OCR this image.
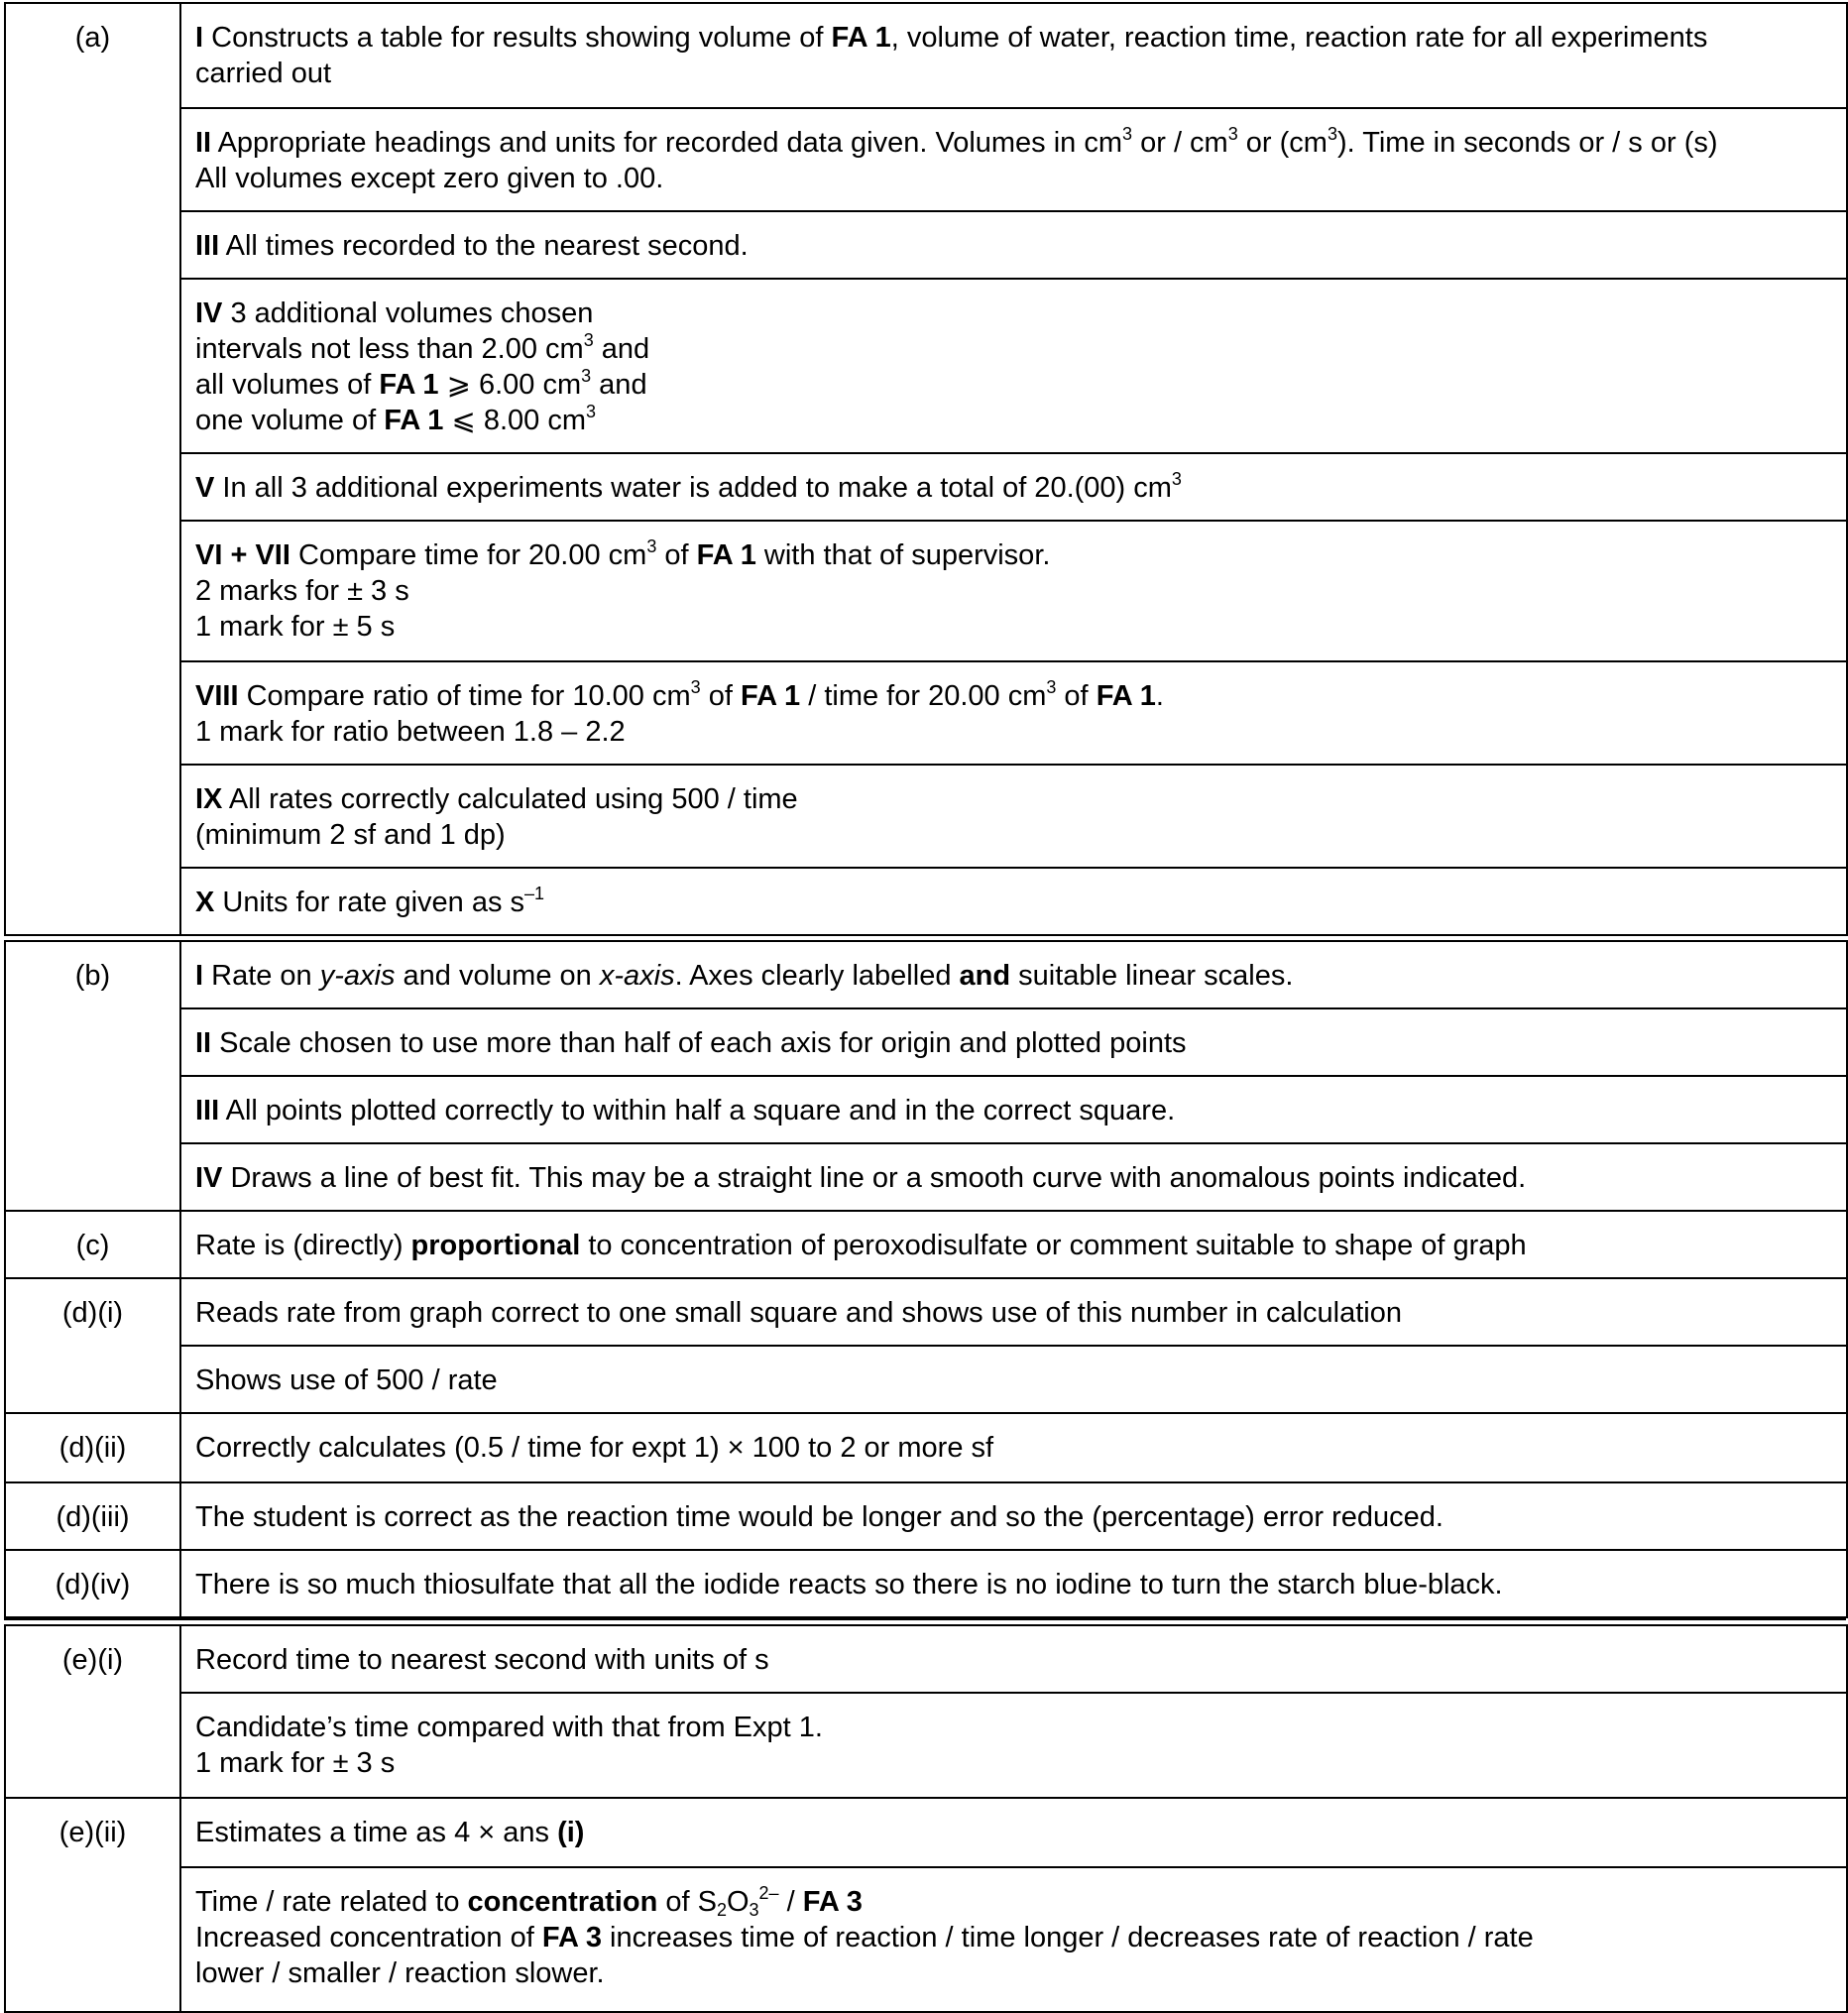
(a)	I Constructs a table for results showing volume of FA 1, volume of water, reaction time, reaction rate for all experiments
carried out

II Appropriate headings and units for recorded data given. Volumes in $cm^3$ or / $cm^3$ or $(cm^3)$. Time in seconds or / s or (s)
All volumes except zero given to .00.

III All times recorded to the nearest second.

IV 3 additional volumes chosen
intervals not less than 2.00 $cm^3$ and
all volumes of FA 1 ⩾ 6.00 $cm^3$ and
one volume of FA 1 ⩽ 8.00 $cm^3$

V In all 3 additional experiments water is added to make a total of 20.(00) $cm^3$

VI + VII Compare time for 20.00 $cm^3$ of FA 1 with that of supervisor.
2 marks for ± 3 s
1 mark for ± 5 s

VIII Compare ratio of time for 10.00 $cm^3$ of FA 1 / time for 20.00 $cm^3$ of FA 1.
1 mark for ratio between 1.8 – 2.2

IX All rates correctly calculated using 500 / time
(minimum 2 sf and 1 dp)

X Units for rate given as $s^{-1}$
(b)	I Rate on y-axis and volume on x-axis. Axes clearly labelled and suitable linear scales.

	II Scale chosen to use more than half of each axis for origin and plotted points

	III All points plotted correctly to within half a square and in the correct square.

	IV Draws a line of best fit. This may be a straight line or a smooth curve with anomalous points indicated.

(c)	Rate is (directly) proportional to concentration of peroxodisulfate or comment suitable to shape of graph

(d)(i)	Reads rate from graph correct to one small square and shows use of this number in calculation

	Shows use of 500 / rate

(d)(ii)	Correctly calculates (0.5 / time for expt 1) × 100 to 2 or more sf

(d)(iii)	The student is correct as the reaction time would be longer and so the (percentage) error reduced.

(d)(iv)	There is so much thiosulfate that all the iodide reacts so there is no iodine to turn the starch blue-black.
(e)(i)	Record time to nearest second with units of s

	Candidate’s time compared with that from Expt 1.
1 mark for ± 3 s

(e)(ii)	Estimates a time as 4 × ans (i)

	Time / rate related to concentration of $S_2O_3^{2-}$ / FA 3
Increased concentration of FA 3 increases time of reaction / time longer / decreases rate of reaction / rate
lower / smaller / reaction slower.
